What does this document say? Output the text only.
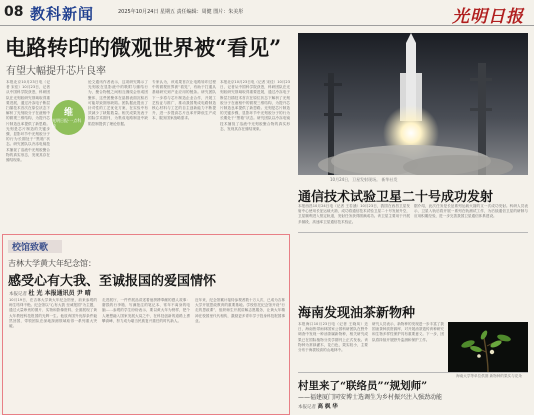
08 教科新闻	2025年10月24日 星期五 责任编辑：周健 图片：朱美彤	光明日报
电路转印的微观世界被“看见”
有望大幅提升芯片良率
维
光明日报·一点科技
本报北京10月23日电（记者 宋佳）10月23日，记者从中国科学院获悉，科研团队在光刻胶研究领域取得重要进展，通过冷冻电子断层扫描技术首次在原位状态下解析了光刻胶分子在液相中的微观三维结构，为提升芯片制造良率提供了新思路。光刻是芯片制造的关键步骤，显影环节中光刻胶分子的行为长期处于“黑箱”状态。研究团队以冷冻电镜技术捕捉了溶液中光刻胶聚合物的真实形态，发现其存在缠结现象。
论文通讯作者表示，这项研究揭示了光刻胶在显影液中的吸附与缠结行为，聚合物链之间相互缠绕会形成团聚体，这些团聚体在晶圆表面沉积后可能导致图形缺陷。团队据此提出了针对性的工艺优化方案，在实验中有效减少了缺陷数量。相关成果发表于国际学术期刊，为集成电路制造中缺陷控制提供了理论依据。
专家认为，该成果首次让电路转印过程中的微观世界被“看见”，有助于打通从基础研究到产业应用的链条。研究团队下一步将与芯片制造企业合作，开展工艺验证与推广，推动我国集成电路制造核心材料与工艺的自主创新能力不断提升，进一步提高芯片良率并降低生产成本，服务国家战略需求。
本报北京10月23日电（记者 宋佳）10月23日，记者从中国科学院获悉，科研团队在光刻胶研究领域取得重要进展，通过冷冻电子断层扫描技术首次在原位状态下解析了光刻胶分子在液相中的微观三维结构，为提升芯片制造良率提供了新思路。光刻是芯片制造的关键步骤，显影环节中光刻胶分子的行为长期处于“黑箱”状态。研究团队以冷冻电镜技术捕捉了溶液中光刻胶聚合物的真实形态，发现其存在缠结现象。
10月24日，卫星发射现场。 新华社发
通信技术试验卫星二十号成功发射
本报西昌10月24日电（记者 王若涵）10月23日，我国在西昌卫星发射中心使用长征运载火箭，成功将通信技术试验卫星二十号发射升空，卫星顺利进入预定轨道，发射任务获得圆满成功。该卫星主要用于开展多频段、高速率卫星通信技术验证。
据介绍，此次任务是长征系列运载火箭的又一次成功发射。科研人员表示，卫星入轨后将开展一系列在轨测试工作，为后续通信卫星的研制与应用积累经验，进一步完善我国卫星通信体系建设。
校馆致歌
吉林大学黄大年纪念馆：
感受心有大我、至诚报国的爱国情怀
本报记者 杜 光 本报通讯员 尹 晴
10月19日，在吉林大学黄大年纪念馆里，前来参观的师生络绎不绝。纪念馆以“心有大我 至诚报国”为主题，通过大量珍贵的图片、实物和影像资料，全面展现了黄大年教授科技报国的光辉一生。他放弃国外优厚条件毅然回国，带领团队在深地探测领域取得一系列重大突破。
走进展厅，一件件展品讲述着他拼搏奉献的感人故事：磨损的行李箱、写满批注的笔记本、常年不离身的电脑……参观的学生纷纷表示，要以黄大年为榜样，把个人理想融入国家发展大局之中，在科技创新的道路上勇攀高峰，努力成为堪当民族复兴重任的时代新人。
近年来，纪念馆累计接待参观者数十万人次，已成为吉林大学开展思政教育的重要基地。学校依托纪念馆开设“行走的思政课”，组织师生开展讲解志愿服务，让黄大年精神在校园里代代相传，激励更多青年学子投身科技报国事业。	海南发现油茶新物种
本报海口10月23日电（记者 王晓凤）近日，海南热带雨林国家公园科研团队在野外调查中发现一种油茶属新物种，相关研究成果已在国际植物分类学期刊上正式发表。该物种为常绿灌木，花白色，果实较小，主要分布于海拔较高的山地林中。
研究人员表示，新物种的发现进一步丰富了我国油茶种质资源库，对开展油茶遗传育种研究和生物多样性保护具有重要意义。下一步，团队将持续开展野外监测和保护工作。
海南大学等单位供图 新物种的果实与花朵
村里来了“联络员”“规划师”
——福建厦门同安博士选调生为乡村振兴注入强劲动能
本报记者 高 枫 华
